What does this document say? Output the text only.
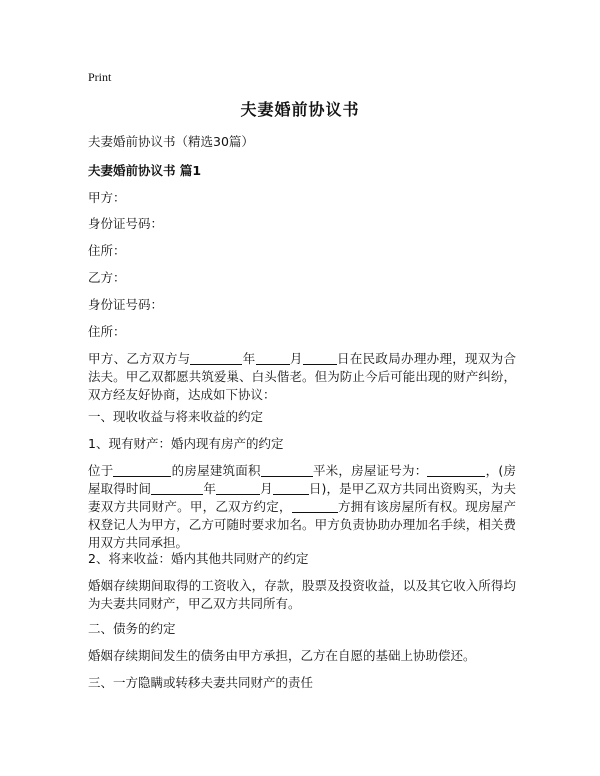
Print
夫妻婚前协议书
夫妻婚前协议书（精选30篇）
夫妻婚前协议书 篇1
甲方：
身份证号码：
住所：
乙方：
身份证号码：
住所：
甲方、乙方双方与	年	月	日在民政局办理办理，现双为合法夫。甲乙双都愿共筑爱巢、白头偕老。但为防止今后可能出现的财产纠纷，双方经友好协商，达成如下协议：
一、现收收益与将来收益的约定
1、现有财产：婚内现有房产的约定
位于	的房屋建筑面积	平米，房屋证号为：	，(房屋取得时间	年	月	日)，是甲乙双方共同出资购买，为夫妻双方共同财产。甲，乙双方约定，	方拥有该房屋所有权。现房屋产权登记人为甲方，乙方可随时要求加名。甲方负责协助办理加名手续，相关费用双方共同承担。
2、将来收益：婚内其他共同财产的约定
婚姻存续期间取得的工资收入，存款，股票及投资收益，以及其它收入所得均为夫妻共同财产，甲乙双方共同所有。
二、债务的约定
婚姻存续期间发生的债务由甲方承担，乙方在自愿的基础上协助偿还。
三、一方隐瞒或转移夫妻共同财产的责任
